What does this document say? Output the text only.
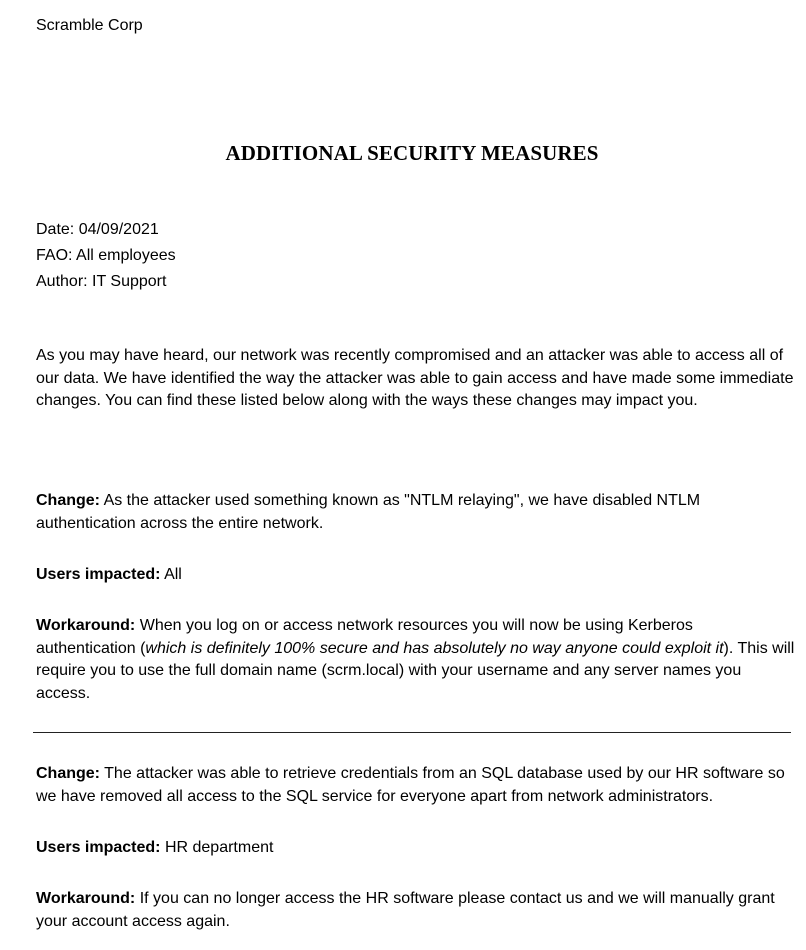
Scramble Corp
ADDITIONAL SECURITY MEASURES
Date: 04/09/2021
FAO: All employees
Author: IT Support
As you may have heard, our network was recently compromised and an attacker was able to access all of our data. We have identified the way the attacker was able to gain access and have made some immediate changes. You can find these listed below along with the ways these changes may impact you.
Change: As the attacker used something known as "NTLM relaying", we have disabled NTLM authentication across the entire network.
Users impacted: All
Workaround: When you log on or access network resources you will now be using Kerberos authentication (which is definitely 100% secure and has absolutely no way anyone could exploit it). This will require you to use the full domain name (scrm.local) with your username and any server names you access.
Change: The attacker was able to retrieve credentials from an SQL database used by our HR software so we have removed all access to the SQL service for everyone apart from network administrators.
Users impacted: HR department
Workaround: If you can no longer access the HR software please contact us and we will manually grant your account access again.
